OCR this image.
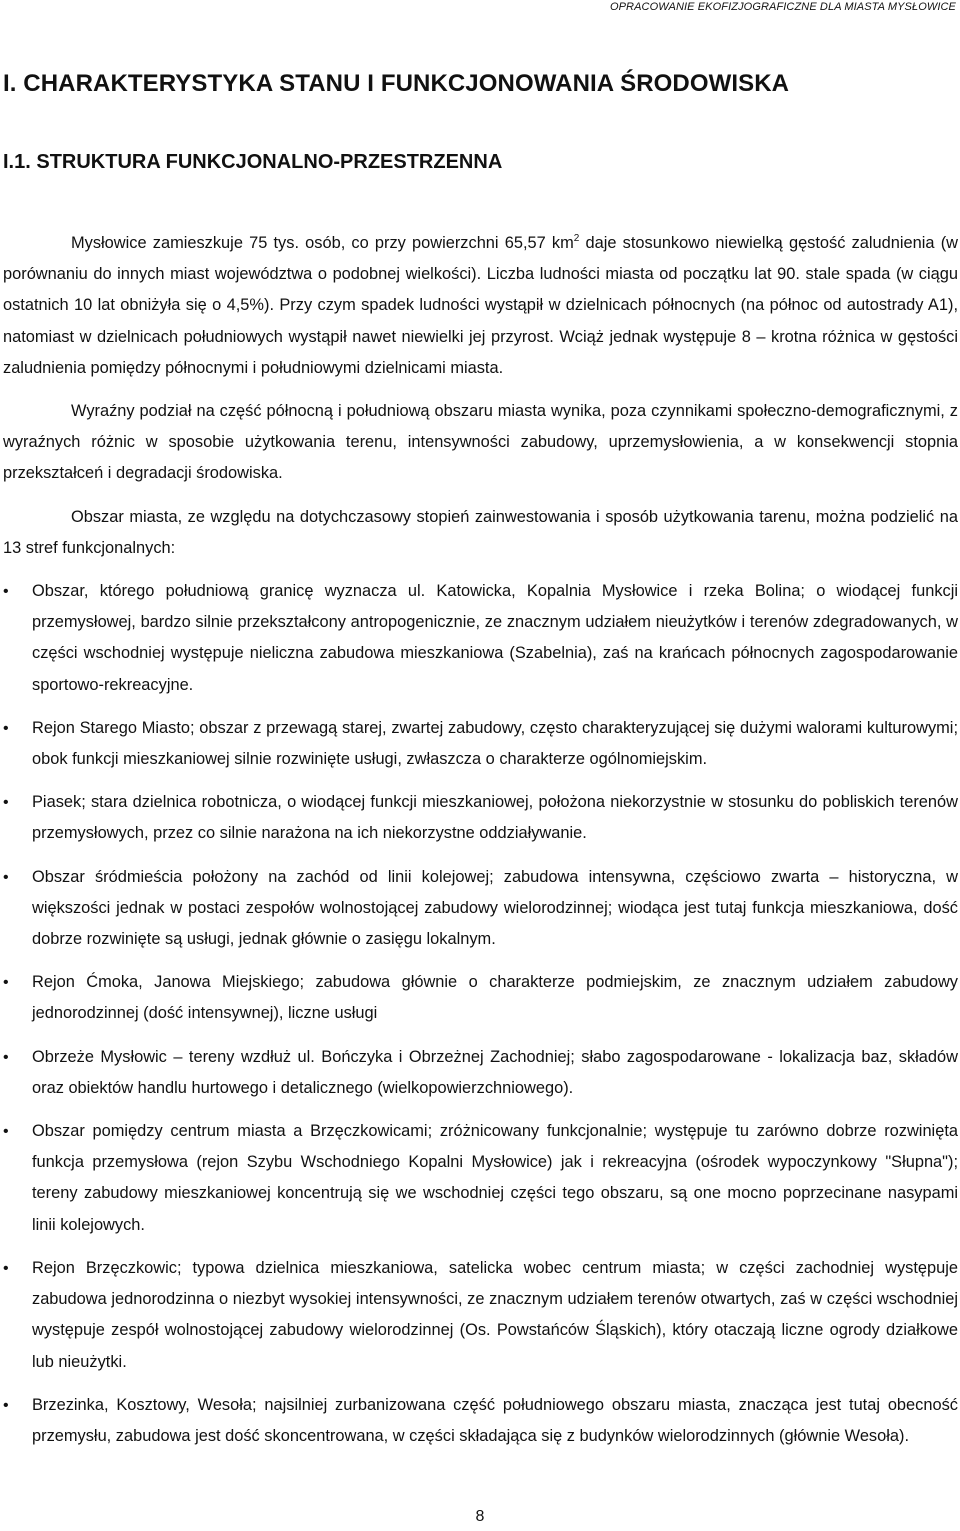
OPRACOWANIE EKOFIZJOGRAFICZNE DLA MIASTA MYSŁOWICE
I. CHARAKTERYSTYKA STANU I FUNKCJONOWANIA ŚRODOWISKA
I.1. STRUKTURA FUNKCJONALNO-PRZESTRZENNA

Mysłowice zamieszkuje 75 tys. osób, co przy powierzchni 65,57 $km^2$ daje stosunkowo niewielką gęstość zaludnienia (w porównaniu do innych miast województwa o podobnej wielkości). Liczba ludności miasta od początku lat 90. stale spada (w ciągu ostatnich 10 lat obniżyła się o 4,5%). Przy czym spadek ludności wystąpił w dzielnicach północnych (na północ od autostrady A1), natomiast w dzielnicach południowych wystąpił nawet niewielki jej przyrost. Wciąż jednak występuje 8 – krotna różnica w gęstości zaludnienia pomiędzy północnymi i południowymi dzielnicami miasta.

Wyraźny podział na część północną i południową obszaru miasta wynika, poza czynnikami społeczno-demograficznymi, z wyraźnych różnic w sposobie użytkowania terenu, intensywności zabudowy, uprzemysłowienia, a w konsekwencji stopnia przekształceń i degradacji środowiska.

Obszar miasta, ze względu na dotychczasowy stopień zainwestowania i sposób użytkowania tarenu, można podzielić na 13 stref funkcjonalnych:

• Obszar, którego południową granicę wyznacza ul. Katowicka, Kopalnia Mysłowice i rzeka Bolina; o wiodącej funkcji przemysłowej, bardzo silnie przekształcony antropogenicznie, ze znacznym udziałem nieużytków i terenów zdegradowanych, w części wschodniej występuje nieliczna zabudowa mieszkaniowa (Szabelnia), zaś na krańcach północnych zagospodarowanie sportowo-rekreacyjne.
• Rejon Starego Miasto; obszar z przewagą starej, zwartej zabudowy, często charakteryzującej się dużymi walorami kulturowymi; obok funkcji mieszkaniowej silnie rozwinięte usługi, zwłaszcza o charakterze ogólnomiejskim.
• Piasek; stara dzielnica robotnicza, o wiodącej funkcji mieszkaniowej, położona niekorzystnie w stosunku do pobliskich terenów przemysłowych, przez co silnie narażona na ich niekorzystne oddziaływanie.
• Obszar śródmieścia położony na zachód od linii kolejowej; zabudowa intensywna, częściowo zwarta – historyczna, w większości jednak w postaci zespołów wolnostojącej zabudowy wielorodzinnej; wiodąca jest tutaj funkcja mieszkaniowa, dość dobrze rozwinięte są usługi, jednak głównie o zasięgu lokalnym.
• Rejon Ćmoka, Janowa Miejskiego; zabudowa głównie o charakterze podmiejskim, ze znacznym udziałem zabudowy jednorodzinnej (dość intensywnej), liczne usługi
• Obrzeże Mysłowic – tereny wzdłuż ul. Bończyka i Obrzeżnej Zachodniej; słabo zagospodarowane - lokalizacja baz, składów oraz obiektów handlu hurtowego i detalicznego (wielkopowierzchniowego).
• Obszar pomiędzy centrum miasta a Brzęczkowicami; zróżnicowany funkcjonalnie; występuje tu zarówno dobrze rozwinięta funkcja przemysłowa (rejon Szybu Wschodniego Kopalni Mysłowice) jak i rekreacyjna (ośrodek wypoczynkowy "Słupna"); tereny zabudowy mieszkaniowej koncentrują się we wschodniej części tego obszaru, są one mocno poprzecinane nasypami linii kolejowych.
• Rejon Brzęczkowic; typowa dzielnica mieszkaniowa, satelicka wobec centrum miasta; w części zachodniej występuje zabudowa jednorodzinna o niezbyt wysokiej intensywności, ze znacznym udziałem terenów otwartych, zaś w części wschodniej występuje zespół wolnostojącej zabudowy wielorodzinnej (Os. Powstańców Śląskich), który otaczają liczne ogrody działkowe lub nieużytki.
• Brzezinka, Kosztowy, Wesoła; najsilniej zurbanizowana część południowego obszaru miasta, znacząca jest tutaj obecność przemysłu, zabudowa jest dość skoncentrowana, w części składająca się z budynków wielorodzinnych (głównie Wesoła).
8
